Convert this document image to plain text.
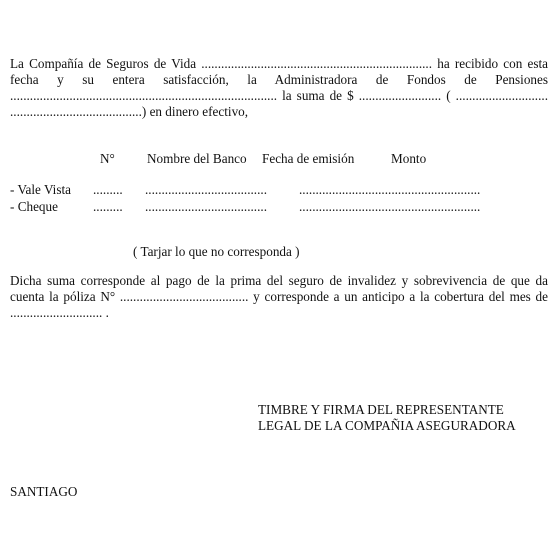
La Compañía de Seguros de Vida ...................................................................... ha recibido con esta
fecha y su entera satisfacción, la Administradora de Fondos de Pensiones
................................................................................. la suma de $ ......................... ( ............................
........................................) en dinero efectivo,
N° Nombre del Banco Fecha de emisión	Monto
- Vale Vista ......... ..................................... .......................................................
- Cheque	......... ..................................... .......................................................
( Tarjar lo que no corresponda )
Dicha suma corresponde al pago de la prima del seguro de invalidez y sobrevivencia de que da
cuenta la póliza N° ....................................... y corresponde a un anticipo a la cobertura del mes de
............................ .
TIMBRE Y FIRMA DEL REPRESENTANTE
LEGAL DE LA COMPAÑIA ASEGURADORA
SANTIAGO
